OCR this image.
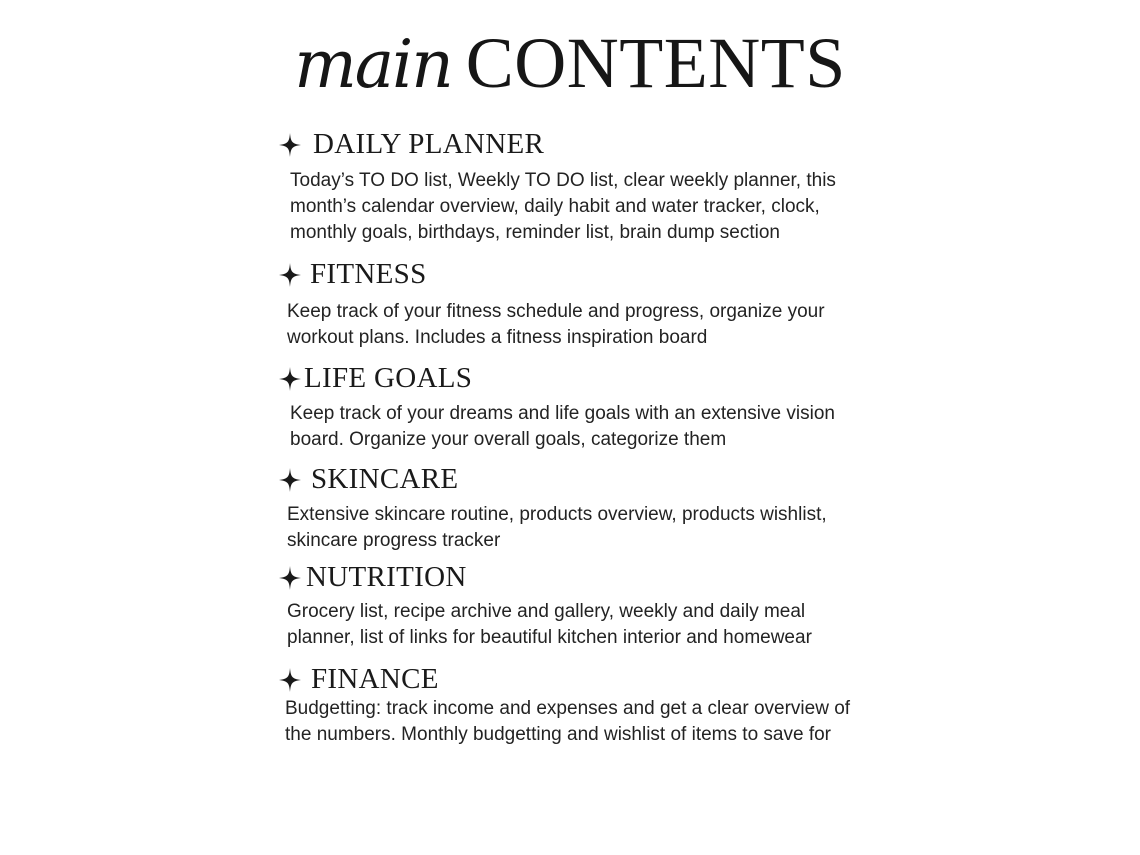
main CONTENTS
DAILY PLANNER
Today’s TO DO list, Weekly TO DO list, clear weekly planner, this month’s calendar overview, daily habit and water tracker, clock, monthly goals, birthdays, reminder list, brain dump section
FITNESS
Keep track of your fitness schedule and progress, organize your workout plans. Includes a fitness inspiration board
LIFE GOALS
Keep track of your dreams and life goals with an extensive vision board. Organize your overall goals, categorize them
SKINCARE
Extensive skincare routine, products overview, products wishlist, skincare progress tracker
NUTRITION
Grocery list, recipe archive and gallery, weekly and daily meal planner, list of links for beautiful kitchen interior and homewear
FINANCE
Budgetting: track income and expenses and get a clear overview of the numbers. Monthly budgetting and wishlist of items to save for
